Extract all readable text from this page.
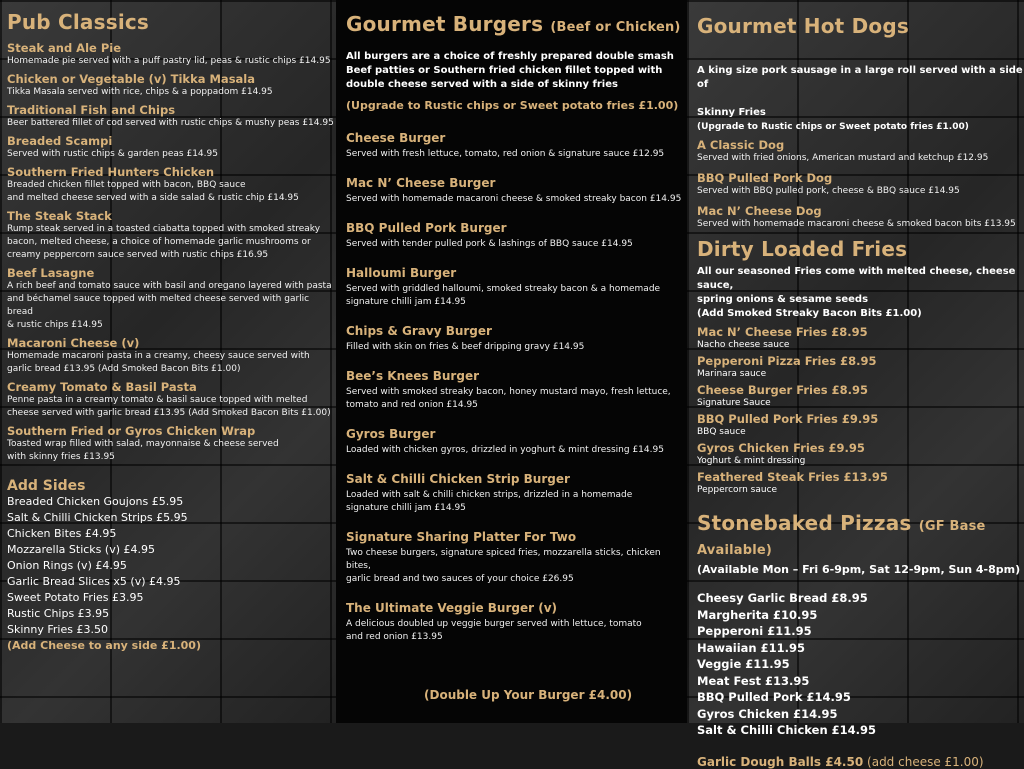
Pub Classics
Steak and Ale Pie
Homemade pie served with a puff pastry lid, peas & rustic chips £14.95
Chicken or Vegetable (v) Tikka Masala
Tikka Masala served with rice, chips & a poppadom £14.95
Traditional Fish and Chips
Beer battered fillet of cod served with rustic chips & mushy peas £14.95
Breaded Scampi
Served with rustic chips & garden peas £14.95
Southern Fried Hunters Chicken
Breaded chicken fillet topped with bacon, BBQ sauce
and melted cheese served with a side salad & rustic chip £14.95
The Steak Stack
Rump steak served in a toasted ciabatta topped with smoked streaky
bacon, melted cheese, a choice of homemade garlic mushrooms or
creamy peppercorn sauce served with rustic chips £16.95
Beef Lasagne
A rich beef and tomato sauce with basil and oregano layered with pasta
and béchamel sauce topped with melted cheese served with garlic bread
& rustic chips £14.95
Macaroni Cheese (v)
Homemade macaroni pasta in a creamy, cheesy sauce served with
garlic bread £13.95 (Add Smoked Bacon Bits £1.00)
Creamy Tomato & Basil Pasta
Penne pasta in a creamy tomato & basil sauce topped with melted
cheese served with garlic bread £13.95 (Add Smoked Bacon Bits £1.00)
Southern Fried or Gyros Chicken Wrap
Toasted wrap filled with salad, mayonnaise & cheese served
with skinny fries £13.95
Add Sides
Breaded Chicken Goujons £5.95
Salt & Chilli Chicken Strips £5.95
Chicken Bites £4.95
Mozzarella Sticks (v) £4.95
Onion Rings (v) £4.95
Garlic Bread Slices x5 (v) £4.95
Sweet Potato Fries £3.95
Rustic Chips £3.95
Skinny Fries £3.50
(Add Cheese to any side £1.00)
Gourmet Burgers (Beef or Chicken)
All burgers are a choice of freshly prepared double smash
Beef patties or Southern fried chicken fillet topped with
double cheese served with a side of skinny fries
(Upgrade to Rustic chips or Sweet potato fries £1.00)
Cheese Burger
Served with fresh lettuce, tomato, red onion & signature sauce £12.95
Mac N’ Cheese Burger
Served with homemade macaroni cheese & smoked streaky bacon £14.95
BBQ Pulled Pork Burger
Served with tender pulled pork & lashings of BBQ sauce £14.95
Halloumi Burger
Served with griddled halloumi, smoked streaky bacon & a homemade
signature chilli jam £14.95
Chips & Gravy Burger
Filled with skin on fries & beef dripping gravy £14.95
Bee’s Knees Burger
Served with smoked streaky bacon, honey mustard mayo, fresh lettuce,
tomato and red onion £14.95
Gyros Burger
Loaded with chicken gyros, drizzled in yoghurt & mint dressing £14.95
Salt & Chilli Chicken Strip Burger
Loaded with salt & chilli chicken strips, drizzled in a homemade
signature chilli jam £14.95
Signature Sharing Platter For Two
Two cheese burgers, signature spiced fries, mozzarella sticks, chicken bites,
garlic bread and two sauces of your choice £26.95
The Ultimate Veggie Burger (v)
A delicious doubled up veggie burger served with lettuce, tomato
and red onion £13.95
(Double Up Your Burger £4.00)
Gourmet Hot Dogs

A king size pork sausage in a large roll served with a side of

Skinny Fries
(Upgrade to Rustic chips or Sweet potato fries £1.00)

A Classic Dog
Served with fried onions, American mustard and ketchup £12.95
BBQ Pulled Pork Dog
Served with BBQ pulled pork, cheese & BBQ sauce £14.95
Mac N’ Cheese Dog
Served with homemade macaroni cheese & smoked bacon bits £13.95
Dirty Loaded Fries
All our seasoned Fries come with melted cheese, cheese sauce,
spring onions & sesame seeds
(Add Smoked Streaky Bacon Bits £1.00)
Mac N’ Cheese Fries £8.95
Nacho cheese sauce
Pepperoni Pizza Fries £8.95
Marinara sauce
Cheese Burger Fries £8.95
Signature Sauce
BBQ Pulled Pork Fries £9.95
BBQ sauce
Gyros Chicken Fries £9.95
Yoghurt & mint dressing
Feathered Steak Fries £13.95
Peppercorn sauce
Stonebaked Pizzas (GF Base Available)
(Available Mon – Fri 6-9pm, Sat 12-9pm, Sun 4-8pm)
Cheesy Garlic Bread £8.95
Margherita £10.95
Pepperoni £11.95
Hawaiian £11.95
Veggie £11.95
Meat Fest £13.95
BBQ Pulled Pork £14.95
Gyros Chicken £14.95
Salt & Chilli Chicken £14.95
Garlic Dough Balls £4.50 (add cheese £1.00)
